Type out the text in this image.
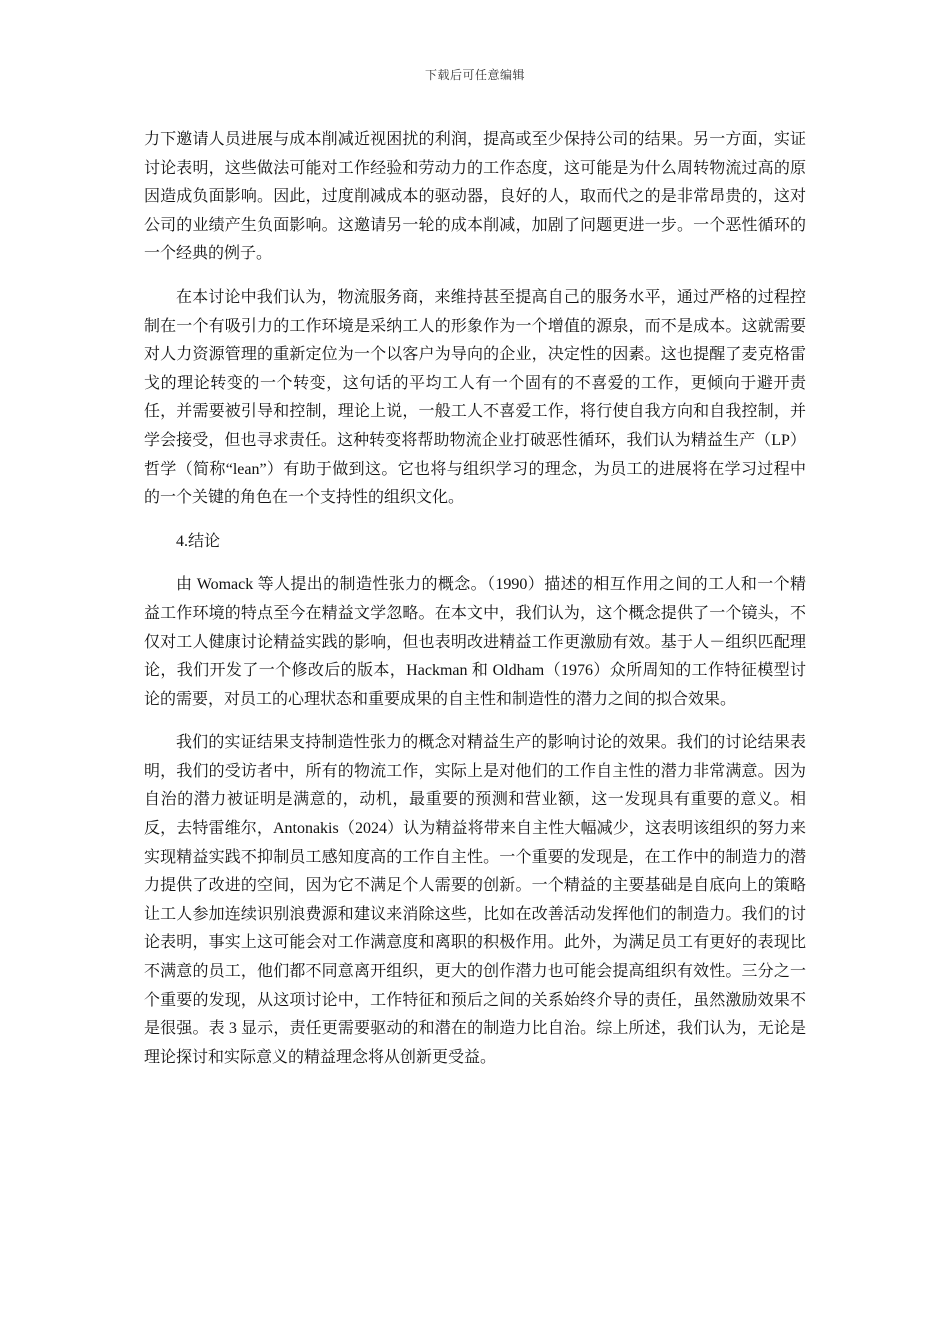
下载后可任意编辑

力下邀请人员进展与成本削减近视困扰的利润，提高或至少保持公司的结果。另一方面，实证讨论表明，这些做法可能对工作经验和劳动力的工作态度，这可能是为什么周转物流过高的原因造成负面影响。因此，过度削减成本的驱动器，良好的人，取而代之的是非常昂贵的，这对公司的业绩产生负面影响。这邀请另一轮的成本削减，加剧了问题更进一步。一个恶性循环的一个经典的例子。

在本讨论中我们认为，物流服务商，来维持甚至提高自己的服务水平，通过严格的过程控制在一个有吸引力的工作环境是采纳工人的形象作为一个增值的源泉，而不是成本。这就需要对人力资源管理的重新定位为一个以客户为导向的企业，决定性的因素。这也提醒了麦克格雷戈的理论转变的一个转变，这句话的平均工人有一个固有的不喜爱的工作，更倾向于避开责任，并需要被引导和控制，理论上说，一般工人不喜爱工作，将行使自我方向和自我控制，并学会接受，但也寻求责任。这种转变将帮助物流企业打破恶性循环，我们认为精益生产（LP）哲学（简称“lean”）有助于做到这。它也将与组织学习的理念，为员工的进展将在学习过程中的一个关键的角色在一个支持性的组织文化。

4.结论

由 Womack 等人提出的制造性张力的概念。（1990）描述的相互作用之间的工人和一个精益工作环境的特点至今在精益文学忽略。在本文中，我们认为，这个概念提供了一个镜头，不仅对工人健康讨论精益实践的影响，但也表明改进精益工作更激励有效。基于人－组织匹配理论，我们开发了一个修改后的版本，Hackman 和 Oldham（1976）众所周知的工作特征模型讨论的需要，对员工的心理状态和重要成果的自主性和制造性的潜力之间的拟合效果。

我们的实证结果支持制造性张力的概念对精益生产的影响讨论的效果。我们的讨论结果表明，我们的受访者中，所有的物流工作，实际上是对他们的工作自主性的潜力非常满意。因为自治的潜力被证明是满意的，动机，最重要的预测和营业额，这一发现具有重要的意义。相反，去特雷维尔，Antonakis（2024）认为精益将带来自主性大幅减少，这表明该组织的努力来实现精益实践不抑制员工感知度高的工作自主性。一个重要的发现是，在工作中的制造力的潜力提供了改进的空间，因为它不满足个人需要的创新。一个精益的主要基础是自底向上的策略让工人参加连续识别浪费源和建议来消除这些，比如在改善活动发挥他们的制造力。我们的讨论表明，事实上这可能会对工作满意度和离职的积极作用。此外，为满足员工有更好的表现比不满意的员工，他们都不同意离开组织，更大的创作潜力也可能会提高组织有效性。三分之一个重要的发现，从这项讨论中，工作特征和预后之间的关系始终介导的责任，虽然激励效果不是很强。表 3 显示，责任更需要驱动的和潜在的制造力比自治。综上所述，我们认为，无论是理论探讨和实际意义的精益理念将从创新更受益。
